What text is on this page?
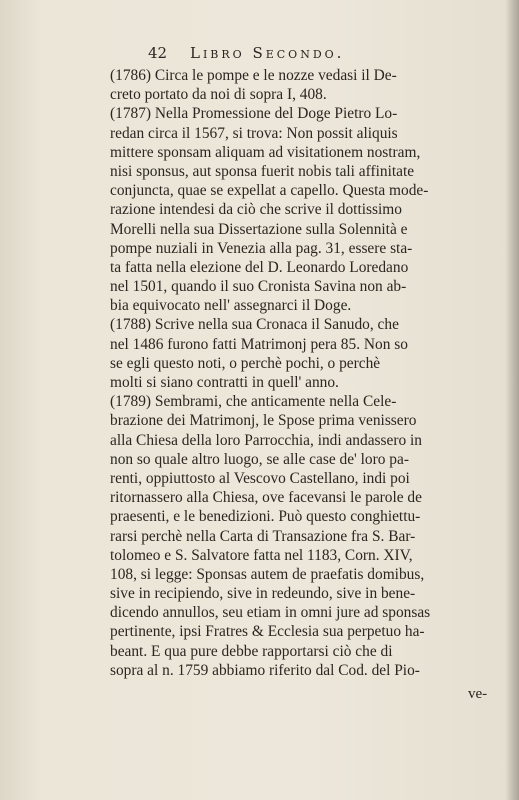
42 Libro Secondo.
(1786) Circa le pompe e le nozze vedasi il De-
creto portato da noi di sopra I, 408.
(1787) Nella Promessione del Doge Pietro Lo-
redan circa il 1567, si trova: Non possit aliquis
mittere sponsam aliquam ad visitationem nostram,
nisi sponsus, aut sponsa fuerit nobis tali affinitate
conjuncta, quae se expellat a capello. Questa mode-
razione intendesi da ciò che scrive il dottissimo
Morelli nella sua Dissertazione sulla Solennità e
pompe nuziali in Venezia alla pag. 31, essere sta-
ta fatta nella elezione del D. Leonardo Loredano
nel 1501, quando il suo Cronista Savina non ab-
bia equivocato nell' assegnarci il Doge.
(1788) Scrive nella sua Cronaca il Sanudo, che
nel 1486 furono fatti Matrimonj pera 85. Non so
se egli questo noti, o perchè pochi, o perchè
molti si siano contratti in quell' anno.
(1789) Sembrami, che anticamente nella Cele-
brazione dei Matrimonj, le Spose prima venissero
alla Chiesa della loro Parrocchia, indi andassero in
non so quale altro luogo, se alle case de' loro pa-
renti, oppiuttosto al Vescovo Castellano, indi poi
ritornassero alla Chiesa, ove facevansi le parole de
praesenti, e le benedizioni. Può questo conghiettu-
rarsi perchè nella Carta di Transazione fra S. Bar-
tolomeo e S. Salvatore fatta nel 1183, Corn. XIV,
108, si legge: Sponsas autem de praefatis domibus,
sive in recipiendo, sive in redeundo, sive in bene-
dicendo annullos, seu etiam in omni jure ad sponsas
pertinente, ipsi Fratres & Ecclesia sua perpetuo ha-
beant. E qua pure debbe rapportarsi ciò che di
sopra al n. 1759 abbiamo riferito dal Cod. del Pio-
ve-
